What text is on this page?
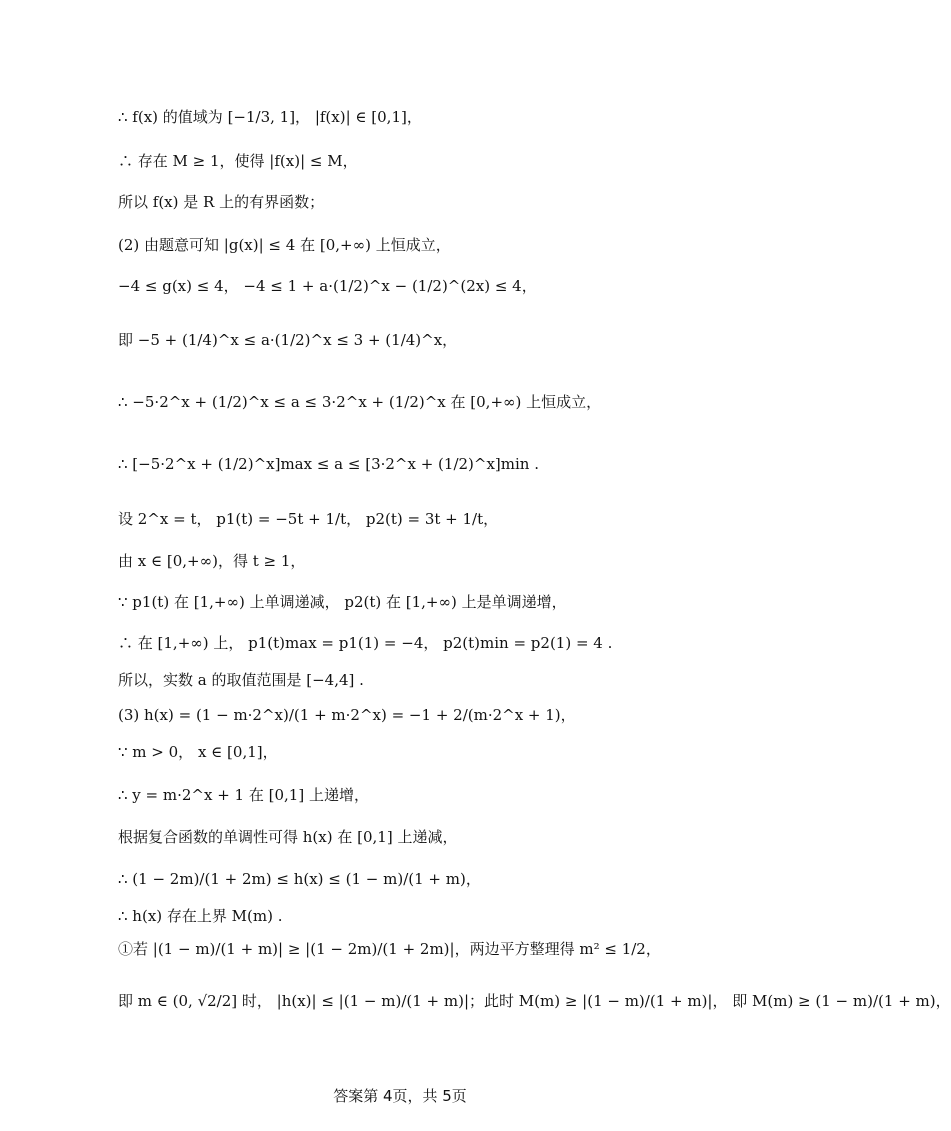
∴ f(x) 的值域为 [−1/3, 1]， |f(x)| ∈ [0,1]，
∴ 存在 M ≥ 1，使得 |f(x)| ≤ M，
所以 f(x) 是 R 上的有界函数；
(2) 由题意可知 |g(x)| ≤ 4 在 [0,+∞) 上恒成立，
−4 ≤ g(x) ≤ 4， −4 ≤ 1 + a·(1/2)^x − (1/2)^(2x) ≤ 4，
即 −5 + (1/4)^x ≤ a·(1/2)^x ≤ 3 + (1/4)^x，
∴ −5·2^x + (1/2)^x ≤ a ≤ 3·2^x + (1/2)^x 在 [0,+∞) 上恒成立，
∴ [−5·2^x + (1/2)^x]max ≤ a ≤ [3·2^x + (1/2)^x]min .
设 2^x = t， p1(t) = −5t + 1/t， p2(t) = 3t + 1/t，
由 x ∈ [0,+∞)，得 t ≥ 1，
∵ p1(t) 在 [1,+∞) 上单调递减， p2(t) 在 [1,+∞) 上是单调递增，
∴ 在 [1,+∞) 上， p1(t)max = p1(1) = −4， p2(t)min = p2(1) = 4 .
所以，实数 a 的取值范围是 [−4,4] .
(3) h(x) = (1 − m·2^x)/(1 + m·2^x) = −1 + 2/(m·2^x + 1)，
∵ m > 0， x ∈ [0,1]，
∴ y = m·2^x + 1 在 [0,1] 上递增，
根据复合函数的单调性可得 h(x) 在 [0,1] 上递减，
∴ (1 − 2m)/(1 + 2m) ≤ h(x) ≤ (1 − m)/(1 + m)，
∴ h(x) 存在上界 M(m) .
①若 |(1 − m)/(1 + m)| ≥ |(1 − 2m)/(1 + 2m)|，两边平方整理得 m² ≤ 1/2，
即 m ∈ (0, √2/2] 时， |h(x)| ≤ |(1 − m)/(1 + m)|；此时 M(m) ≥ |(1 − m)/(1 + m)|， 即 M(m) ≥ (1 − m)/(1 + m)，
答案第 4页，共 5页
